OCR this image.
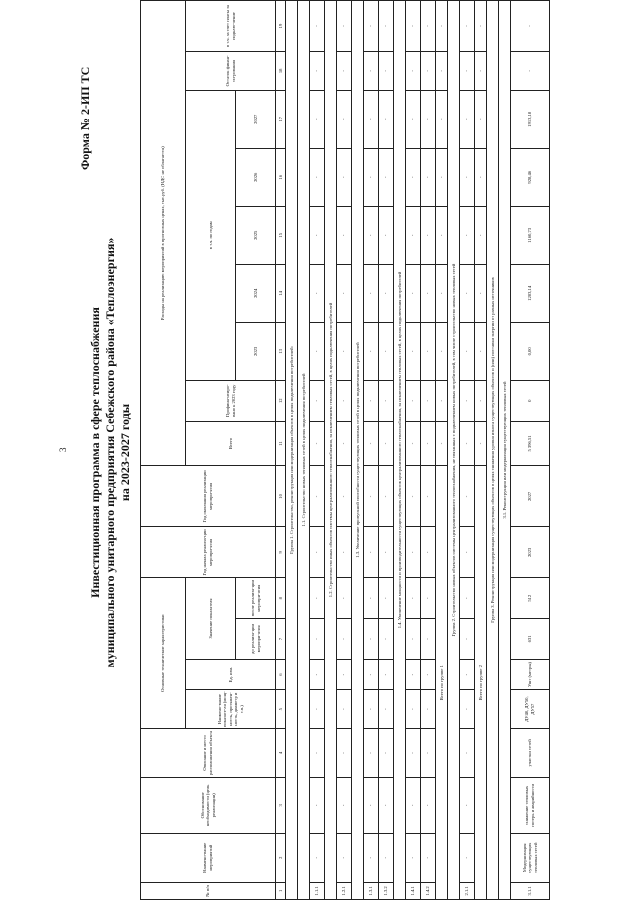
3
Форма № 2-ИП ТС
Инвестиционная программа в сфере теплоснабжения муниципального унитарного предприятия Себежского района «Теплоэнергия» на 2023-2027 годы
№ п/п	Наимено-вание мероприятий	Обоснование необходимости (цель реализации)	Описание и место расположения объекта	Основные технические характеристики				Год начала реализа-ции меропри-ятия	Год окончания реализации меропри-ятия	Расходы на реализацию мероприятий в прогнозных ценах, тыс.руб. (НДС не облагается)								
				Наимено-вание показате-ля (мощ-ность, протяжен-ность, диаметр и т.п.)	Ед. изм.	Значение показателя				Всего	Профина-нсиро-вано к 2023 году	в т.ч. по годам					Остаток финан-си-рования	в т.ч. за счет платы за подклю-чение

						до реализа-ции меропри-ятия	после реализа-ции меропри-ятия					2023	2024	2025	2026	2027		
1	2	3	4	5	6	7	8	9	10	11	12	13	14	15	16	17	18	19
Группа 1. Строительство, реконструкция или модернизация объектов в целях подключения потребителей:																		
1.1. Строительство новых тепловых сетей в целях подключения потребителей																		
1.1.1	-	-	-	-	-	-	-	-	-	-	-	-	-	-	-	-	-	-
1.2. Строительство иных объектов системы централизованного теплоснабжения, за исключением тепловых сетей, в целях подключения потребителей																		
1.2.1	-	-	-	-	-	-	-	-	-	-	-	-	-	-	-	-	-	-
1.3. Увеличение пропускной способности существующих тепловых сетей в целях подключения потребителей																		
1.3.1	-	-	-	-	-	-	-	-	-	-	-	-	-	-	-	-	-	-
1.3.2	-	-	-	-	-	-	-	-	-	-	-	-	-	-	-	-	-	-
1.4. Увеличение мощности и производительности существующих объектов централизованного теплоснабжения, за исключением тепловых сетей, в целях подключения потребителей																		
1.4.1	-	-	-	-	-	-	-	-	-	-	-	-	-	-	-	-	-	-
1.4.2	-	-	-	-	-	-	-	-	-	-	-	-	-	-	-	-	-	-
Всего по группе 1										-	-	-	-	-	-	-	-	-
Группа 2. Строительство новых объектов системы централизованного теплоснабжения, не связанных с подключением новых потребителей, в том числе строительство новых тепловых сетей																		
2.1.1	-	-	-	-	-	-	-	-	-	-	-	-	-	-	-	-	-	-
Всего по группе 2										-	-	-	-	-	-	-	-	-
Группа 3. Реконструкция или модернизация существующих объектов в целях снижения уровня износа существующих объектов и (или) поставки энергии от разных источников																		
3.1. Реконструкция или модернизация существующих тепловых сетей																		
3.1.1	Модернизация существующих тепловых сетей	снижение тепловых потерь и аварийности	участки сетей	ДУ40, ДУ50, ДУ57	Ушт (метры)	631	512	2023	2027	5 396,51	0	0,00	1283,14	1160,73	928,46	1913,18	-	-
